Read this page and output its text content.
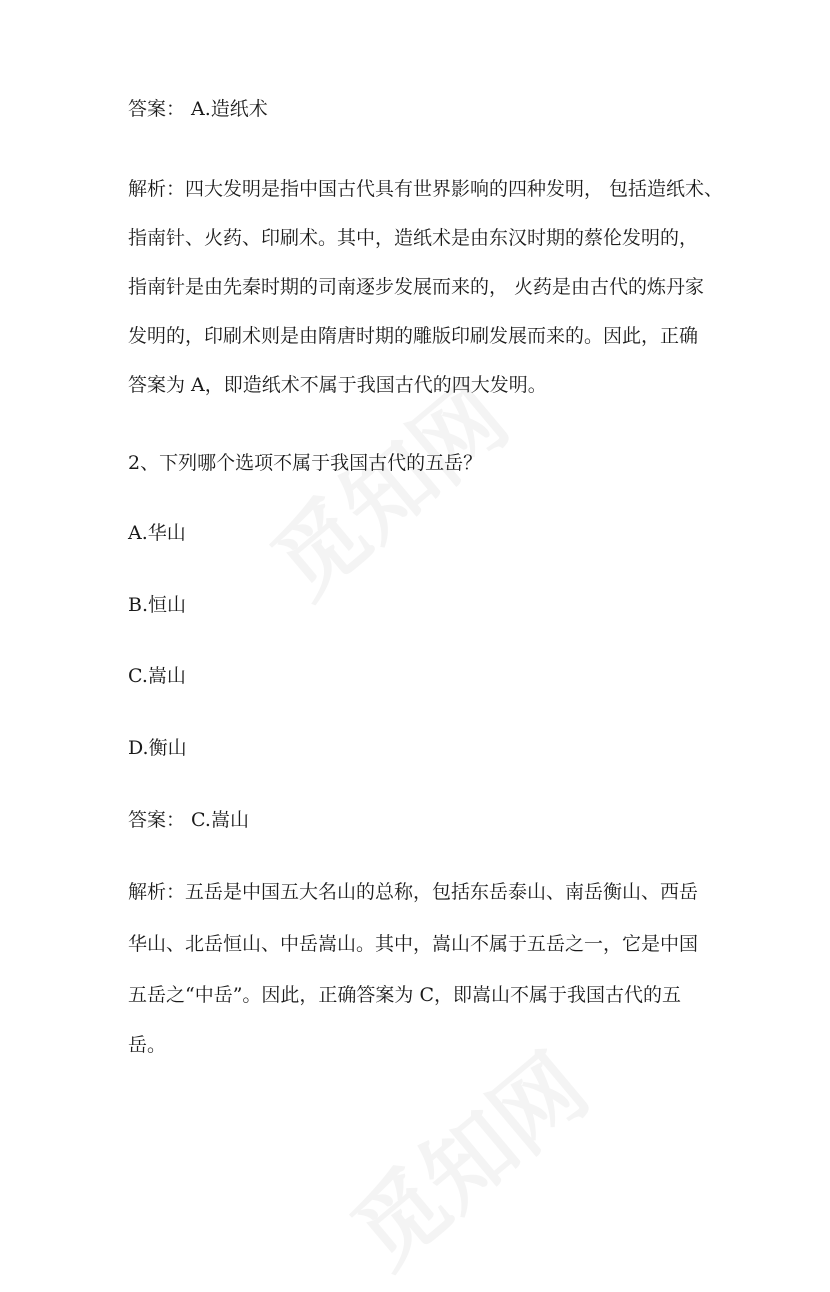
答案： A.造纸术
解析：四大发明是指中国古代具有世界影响的四种发明， 包括造纸术、
指南针、火药、印刷术。其中，造纸术是由东汉时期的蔡伦发明的，
指南针是由先秦时期的司南逐步发展而来的， 火药是由古代的炼丹家
发明的，印刷术则是由隋唐时期的雕版印刷发展而来的。因此，正确
答案为 A，即造纸术不属于我国古代的四大发明。
2、下列哪个选项不属于我国古代的五岳？
A.华山
B.恒山
C.嵩山
D.衡山
答案： C.嵩山
解析：五岳是中国五大名山的总称，包括东岳泰山、南岳衡山、西岳
华山、北岳恒山、中岳嵩山。其中，嵩山不属于五岳之一，它是中国
五岳之“中岳”。因此，正确答案为 C，即嵩山不属于我国古代的五
岳。
